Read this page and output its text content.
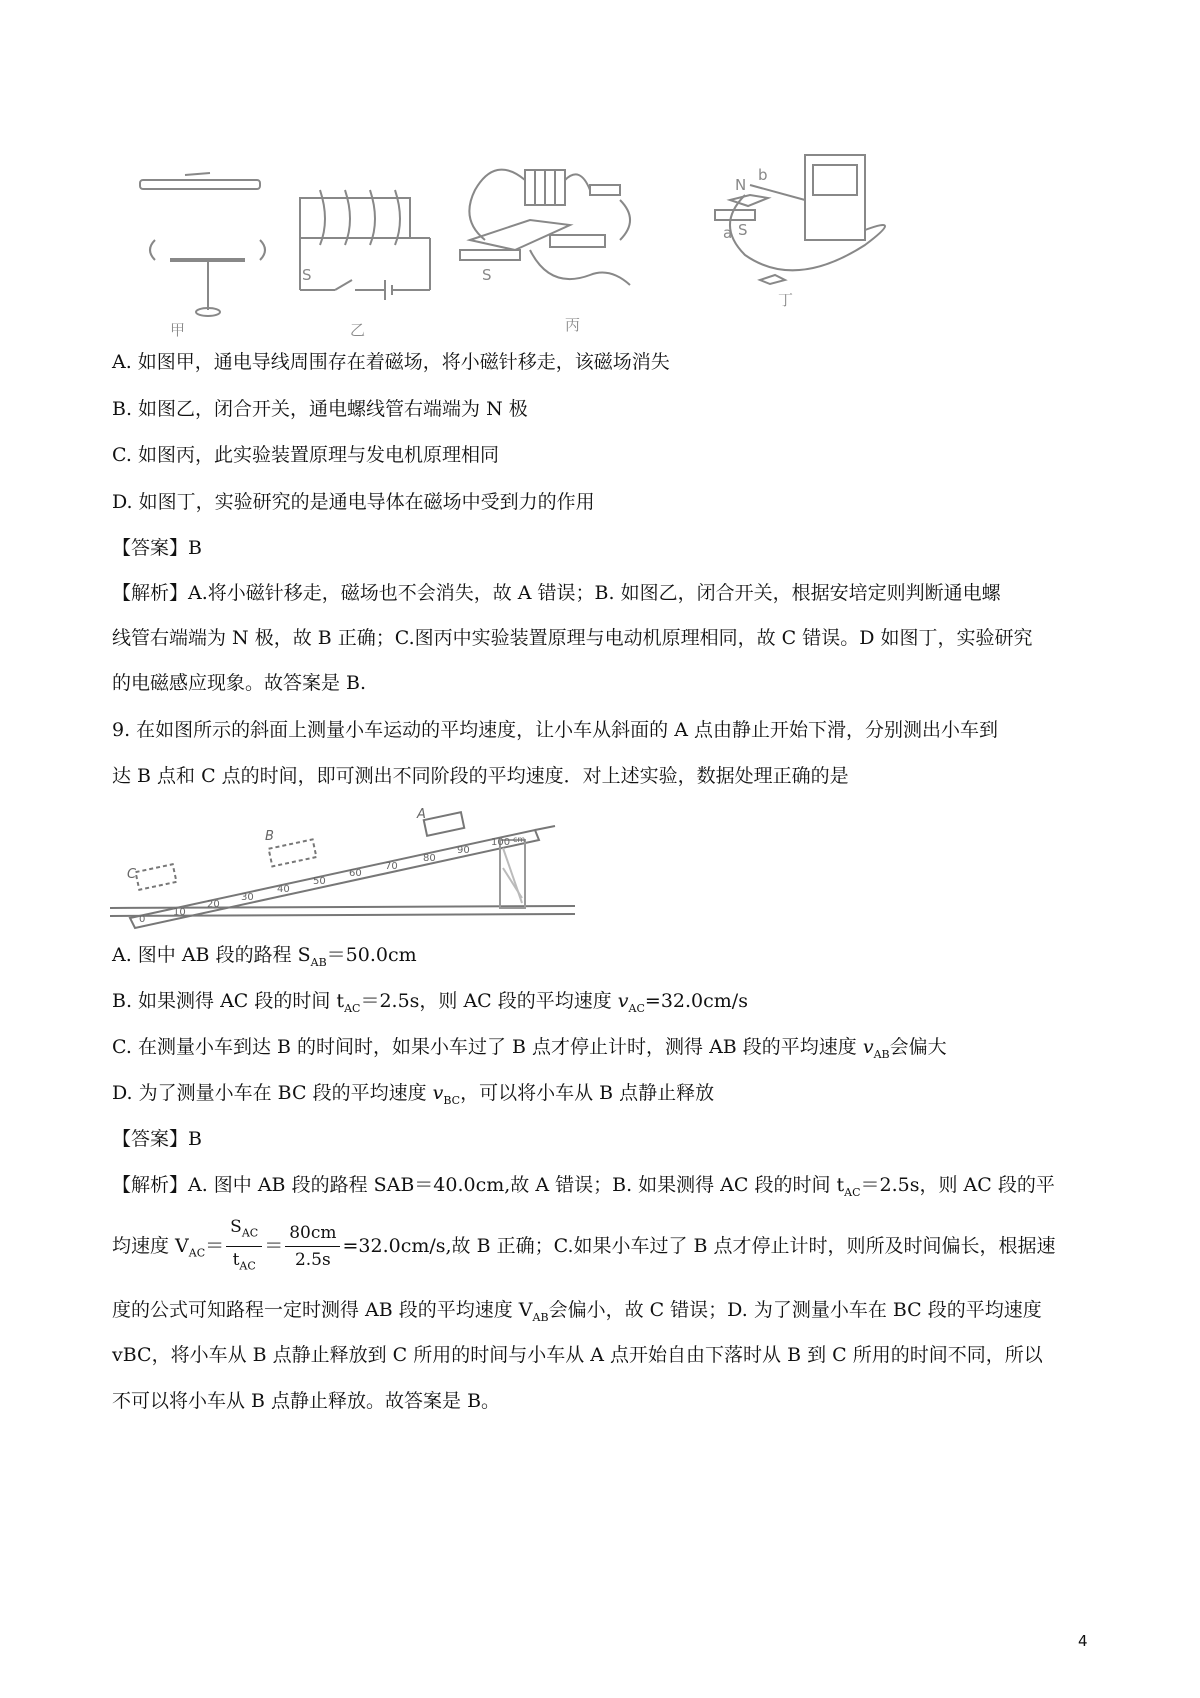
S	S
N
b
a S
甲	乙	丙
丁
A. 如图甲，通电导线周围存在着磁场，将小磁针移走，该磁场消失
B. 如图乙，闭合开关，通电螺线管右端端为 N 极
C. 如图丙，此实验装置原理与发电机原理相同
D. 如图丁，实验研究的是通电导体在磁场中受到力的作用
【答案】B
【解析】A.将小磁针移走，磁场也不会消失，故 A 错误；B. 如图乙，闭合开关，根据安培定则判断通电螺
线管右端端为 N 极，故 B 正确；C.图丙中实验装置原理与电动机原理相同，故 C 错误。D 如图丁，实验研究
的电磁感应现象。故答案是 B.
9. 在如图所示的斜面上测量小车运动的平均速度，让小车从斜面的 A 点由静止开始下滑，分别测出小车到
达 B 点和 C 点的时间，即可测出不同阶段的平均速度．对上述实验，数据处理正确的是
0
10
20
30
40
50
60
70
80
90
100 cm
A
B
C
A. 图中 AB 段的路程 $S_{AB}=50.0cm$
B. 如果测得 AC 段的时间 $t_{AC}=2.5s$，则 AC 段的平均速度 $v_{AC}=32.0cm/s$
C. 在测量小车到达 B 的时间时，如果小车过了 B 点才停止计时，测得 AB 段的平均速度 $v_{AB}$会偏大
D. 为了测量小车在 BC 段的平均速度 $v_{BC}$，可以将小车从 B 点静止释放
【答案】B
【解析】A. 图中 AB 段的路程 SAB＝40.0cm,故 A 错误；B. 如果测得 AC 段的时间 $t_{AC}=2.5s$，则 AC 段的平
均速度 $V_{AC}= \frac{S_{AC}}{t_{AC}} = \frac{80cm}{2.5s} =32.0cm/s$,故 B 正确；C.如果小车过了 B 点才停止计时，则所及时间偏长，根据速
度的公式可知路程一定时测得 AB 段的平均速度 $V_{AB}$会偏小，故 C 错误；D. 为了测量小车在 BC 段的平均速度
vBC，将小车从 B 点静止释放到 C 所用的时间与小车从 A 点开始自由下落时从 B 到 C 所用的时间不同，所以
不可以将小车从 B 点静止释放。故答案是 B。
4
